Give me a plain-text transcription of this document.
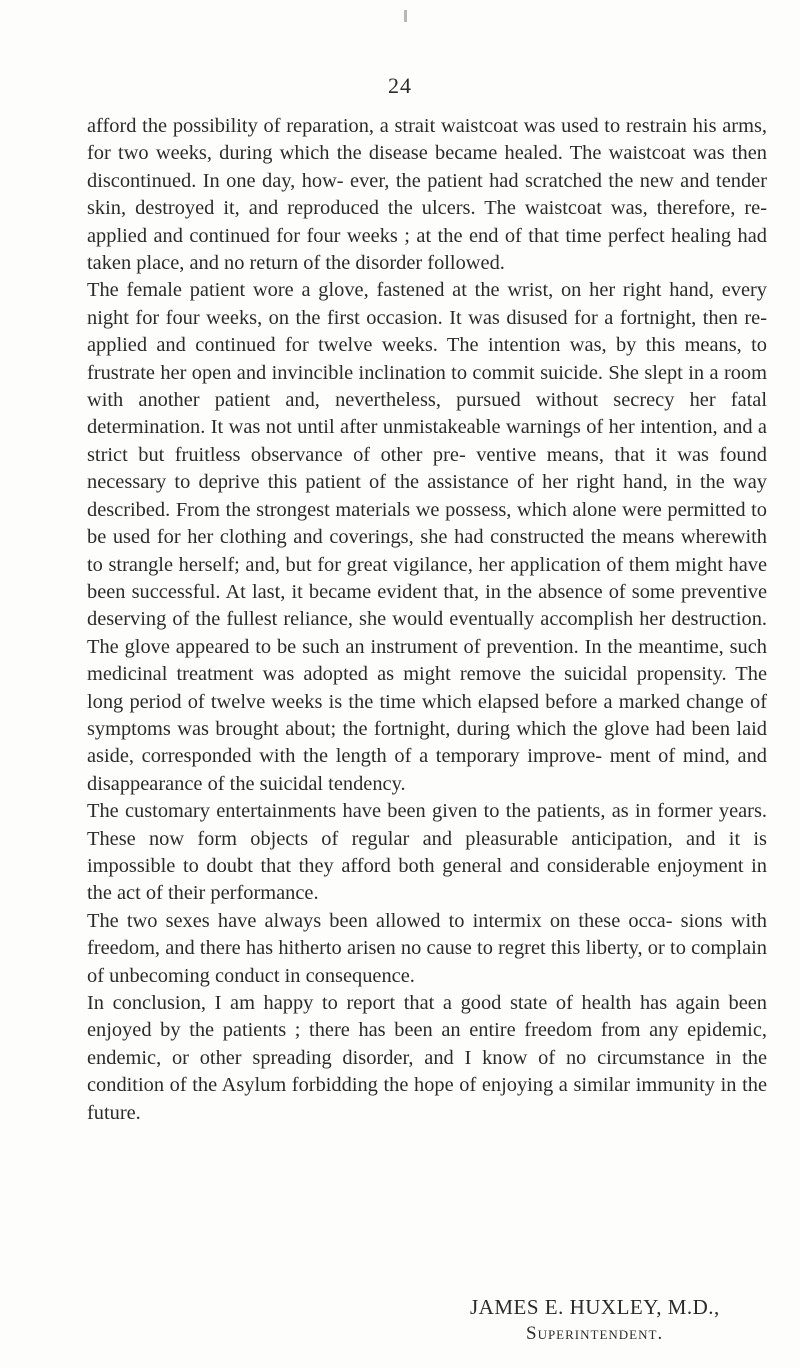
24

afford the possibility of reparation, a strait waistcoat was used to restrain his arms, for two weeks, during which the disease became healed. The waistcoat was then discontinued. In one day, how- ever, the patient had scratched the new and tender skin, destroyed it, and reproduced the ulcers. The waistcoat was, therefore, re- applied and continued for four weeks ; at the end of that time perfect healing had taken place, and no return of the disorder followed.

The female patient wore a glove, fastened at the wrist, on her right hand, every night for four weeks, on the first occasion. It was disused for a fortnight, then re-applied and continued for twelve weeks. The intention was, by this means, to frustrate her open and invincible inclination to commit suicide. She slept in a room with another patient and, nevertheless, pursued without secrecy her fatal determination. It was not until after unmistakeable warnings of her intention, and a strict but fruitless observance of other pre- ventive means, that it was found necessary to deprive this patient of the assistance of her right hand, in the way described. From the strongest materials we possess, which alone were permitted to be used for her clothing and coverings, she had constructed the means wherewith to strangle herself; and, but for great vigilance, her application of them might have been successful. At last, it became evident that, in the absence of some preventive deserving of the fullest reliance, she would eventually accomplish her destruction. The glove appeared to be such an instrument of prevention. In the meantime, such medicinal treatment was adopted as might remove the suicidal propensity. The long period of twelve weeks is the time which elapsed before a marked change of symptoms was brought about; the fortnight, during which the glove had been laid aside, corresponded with the length of a temporary improve- ment of mind, and disappearance of the suicidal tendency.

The customary entertainments have been given to the patients, as in former years. These now form objects of regular and pleasurable anticipation, and it is impossible to doubt that they afford both general and considerable enjoyment in the act of their performance.

The two sexes have always been allowed to intermix on these occa- sions with freedom, and there has hitherto arisen no cause to regret this liberty, or to complain of unbecoming conduct in consequence.

In conclusion, I am happy to report that a good state of health has again been enjoyed by the patients ; there has been an entire freedom from any epidemic, endemic, or other spreading disorder, and I know of no circumstance in the condition of the Asylum forbidding the hope of enjoying a similar immunity in the future.

JAMES E. HUXLEY, M.D.,
Superintendent.
